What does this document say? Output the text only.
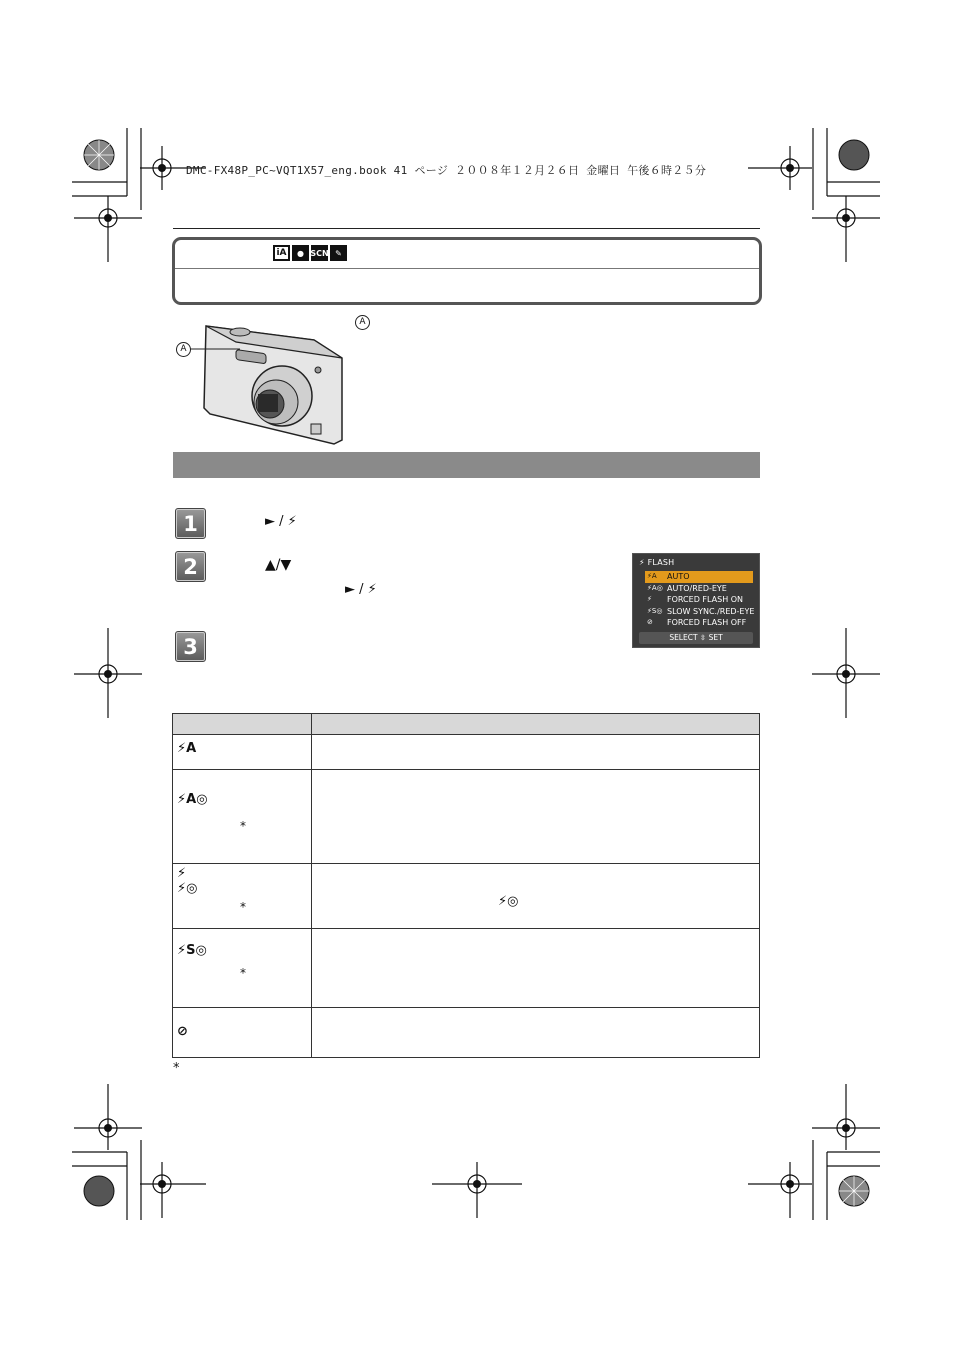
DMC-FX48P_PC~VQT1X57_eng.book 41 ページ ２００８年１２月２６日 金曜日 午後６時２５分
iA	● SCN ✎
A
A
1	► / ⚡
2	▲/▼
► / ⚡
3
⚡ FLASH
⚡A	AUTO
⚡A◎ AUTO/RED-EYE
⚡	FORCED FLASH ON
⚡S◎ SLOW SYNC./RED-EYE
⊘	FORCED FLASH OFF
SELECT ⇳ SET

⚡A	

⚡A◎
*	

⚡
⚡◎
*	⚡◎

⚡S◎
*	

⊘	

*
